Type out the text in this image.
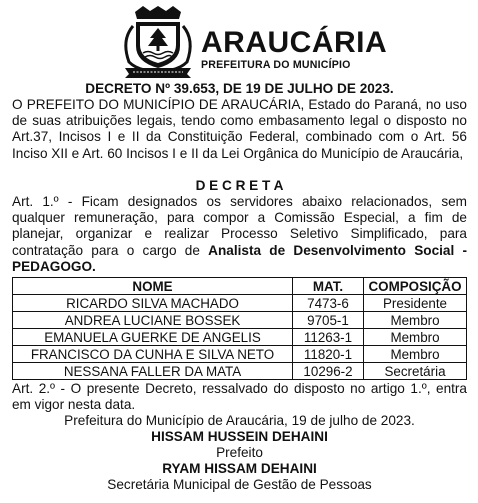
ARAUCÁRIA
PREFEITURA DO MUNICÍPIO
DECRETO Nº 39.653, DE 19 DE JULHO DE 2023.
O PREFEITO DO MUNICÍPIO DE ARAUCÁRIA, Estado do Paraná, no uso de suas atribuições legais, tendo como embasamento legal o disposto no Art.37, Incisos I e II da Constituição Federal, combinado com o Art. 56 Inciso XII e Art. 60 Incisos I e II da Lei Orgânica do Município de Araucária,
D E C R E T A
Art. 1.º - Ficam designados os servidores abaixo relacionados, sem qualquer remuneração, para compor a Comissão Especial, a fim de planejar, organizar e realizar Processo Seletivo Simplificado, para contratação para o cargo de Analista de Desenvolvimento Social - PEDAGOGO.
NOME	MAT.	COMPOSIÇÃO
RICARDO SILVA MACHADO	7473-6	Presidente
ANDREA LUCIANE BOSSEK	9705-1	Membro
EMANUELA GUERKE DE ANGELIS	11263-1	Membro
FRANCISCO DA CUNHA E SILVA NETO	11820-1	Membro
NESSANA FALLER DA MATA	10296-2	Secretária
Art. 2.º - O presente Decreto, ressalvado do disposto no artigo 1.º, entra em vigor nesta data.
Prefeitura do Município de Araucária, 19 de julho de 2023.
HISSAM HUSSEIN DEHAINI
Prefeito
RYAM HISSAM DEHAINI
Secretária Municipal de Gestão de Pessoas
